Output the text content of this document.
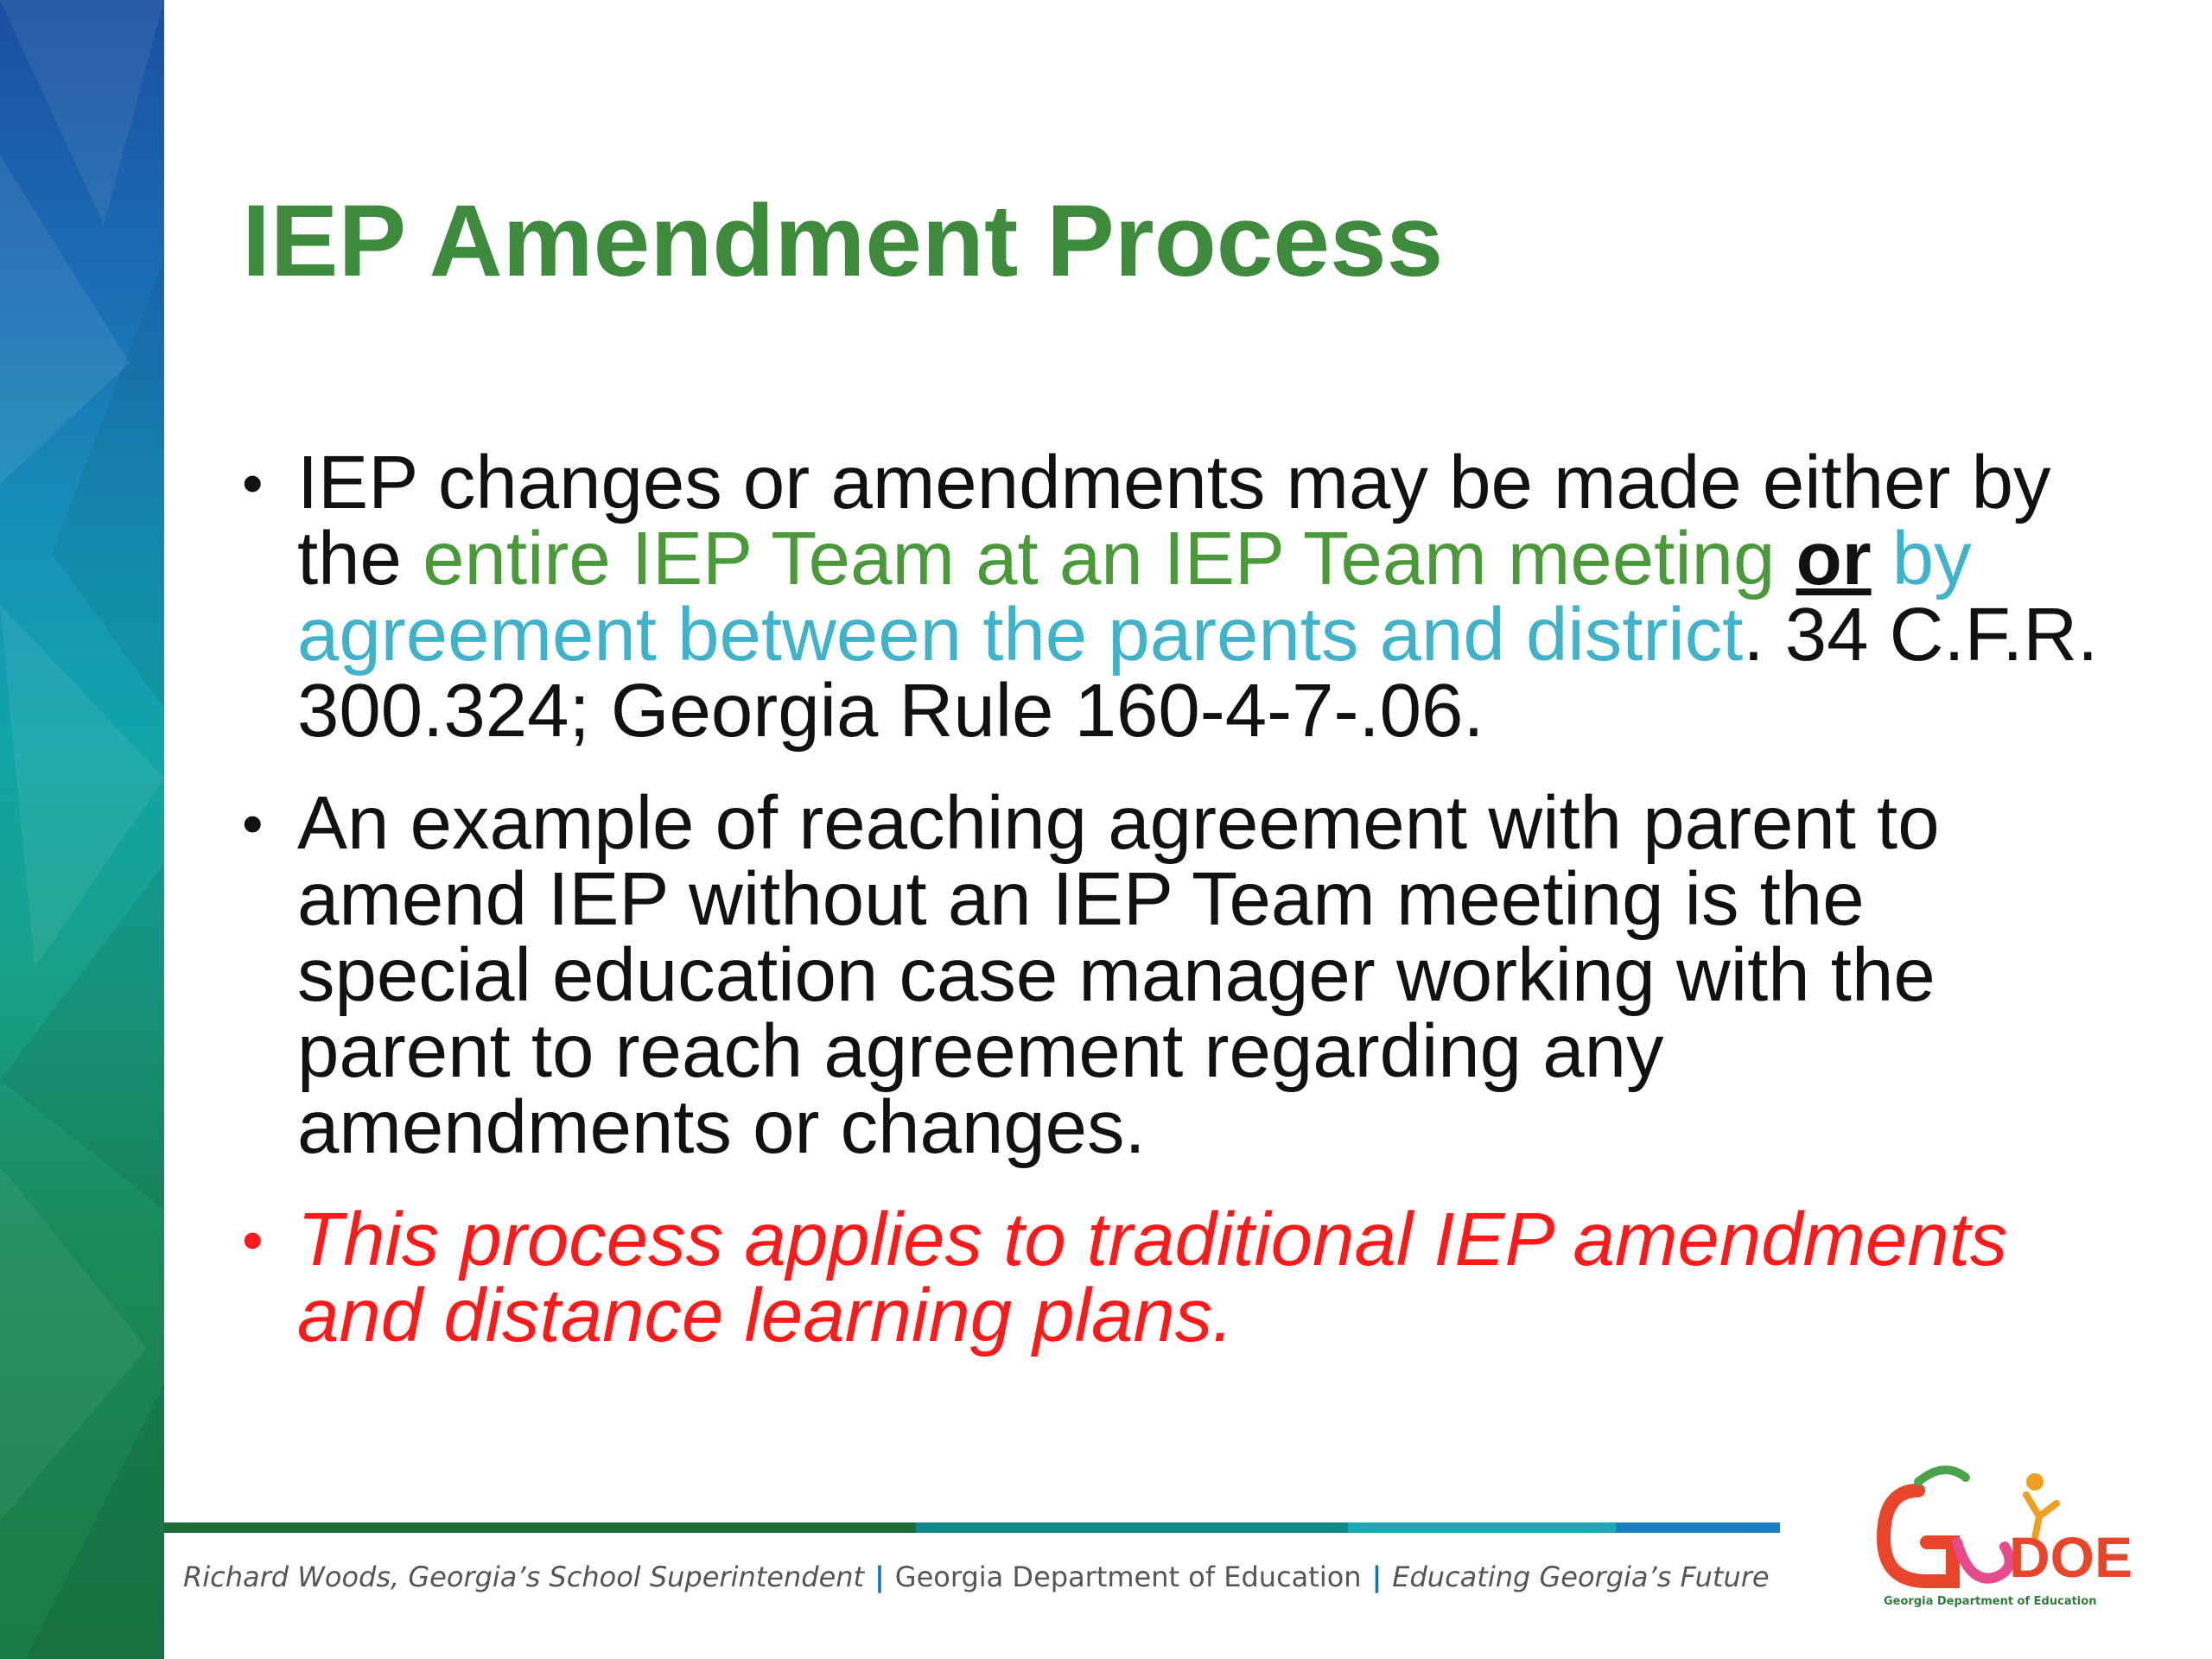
IEP Amendment Process
• IEP changes or amendments may be made either by the entire IEP Team at an IEP Team meeting or by agreement between the parents and district. 34 C.F.R. 300.324; Georgia Rule 160-4-7-.06.
• An example of reaching agreement with parent to amend IEP without an IEP Team meeting is the special education case manager working with the parent to reach agreement regarding any amendments or changes.
• This process applies to traditional IEP amendments and distance learning plans.
Richard Woods, Georgia’s School Superintendent | Georgia Department of Education | Educating Georgia’s Future	DOE
Georgia Department of Education
